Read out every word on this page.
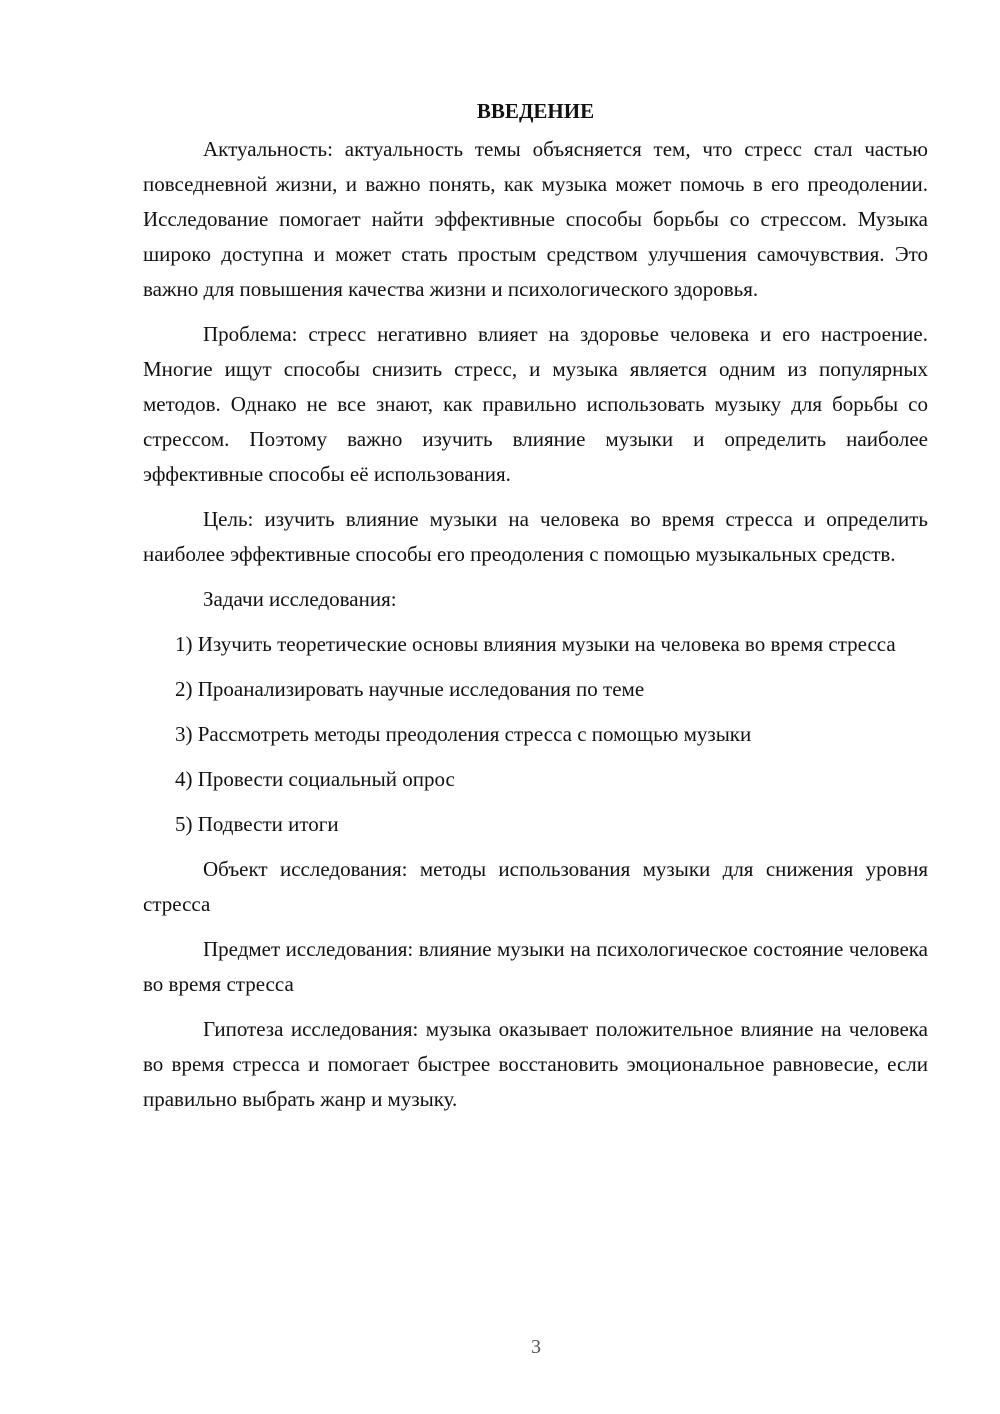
ВВЕДЕНИЕ

Актуальность: актуальность темы объясняется тем, что стресс стал частью повседневной жизни, и важно понять, как музыка может помочь в его преодолении. Исследование помогает найти эффективные способы борьбы со стрессом. Музыка широко доступна и может стать простым средством улучшения самочувствия. Это важно для повышения качества жизни и психологического здоровья.

Проблема: стресс негативно влияет на здоровье человека и его настроение. Многие ищут способы снизить стресс, и музыка является одним из популярных методов. Однако не все знают, как правильно использовать музыку для борьбы со стрессом. Поэтому важно изучить влияние музыки и определить наиболее эффективные способы её использования.

Цель: изучить влияние музыки на человека во время стресса и определить наиболее эффективные способы его преодоления с помощью музыкальных средств.

Задачи исследования:

1) Изучить теоретические основы влияния музыки на человека во время стресса

2) Проанализировать научные исследования по теме

3) Рассмотреть методы преодоления стресса с помощью музыки

4) Провести социальный опрос

5) Подвести итоги

Объект исследования: методы использования музыки для снижения уровня стресса

Предмет исследования: влияние музыки на психологическое состояние человека во время стресса

Гипотеза исследования: музыка оказывает положительное влияние на человека во время стресса и помогает быстрее восстановить эмоциональное равновесие, если правильно выбрать жанр и музыку.

3
